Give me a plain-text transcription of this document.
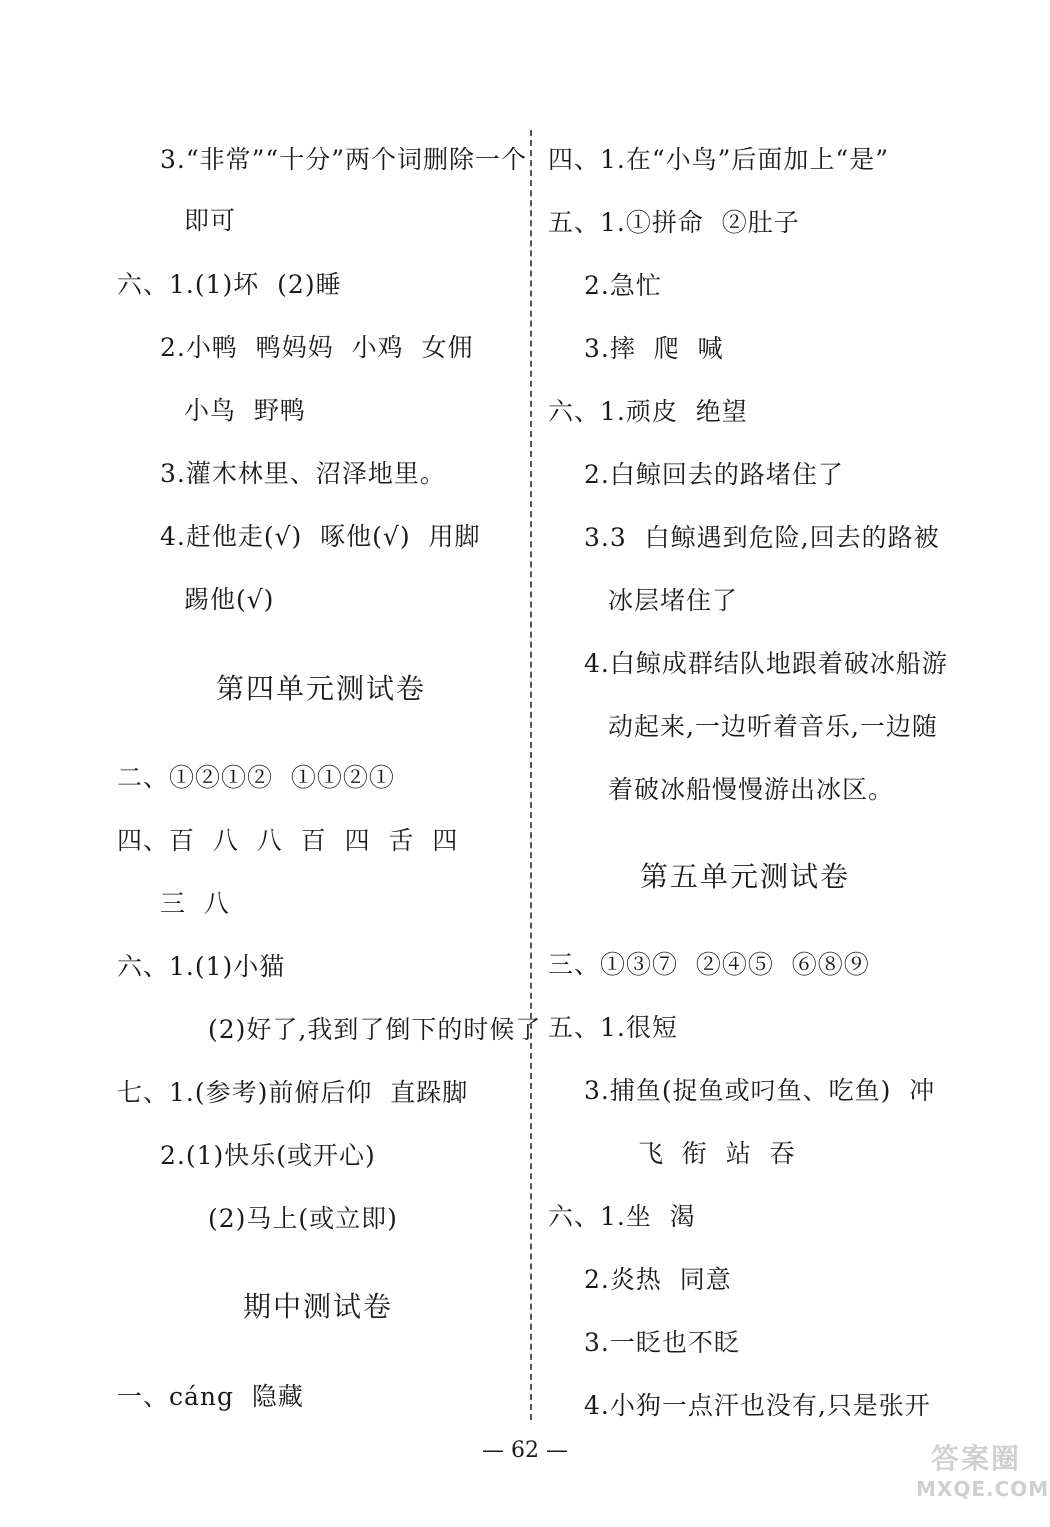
3.“非常”“十分”两个词删除一个
即可
六、1.(1)坏  (2)睡
2.小鸭  鸭妈妈  小鸡  女佣
小鸟  野鸭
3.灌木林里、沼泽地里。
4.赶他走(√)  啄他(√)  用脚
踢他(√)
第四单元测试卷
二、①②①②  ①①②①
四、百  八  八  百  四  舌  四
三  八
六、1.(1)小猫
(2)好了,我到了倒下的时候了
七、1.(参考)前俯后仰  直跺脚
2.(1)快乐(或开心)
(2)马上(或立即)
期中测试卷
一、cáng  隐藏
四、1.在“小鸟”后面加上“是”
五、1.①拼命  ②肚子
2.急忙
3.摔  爬  喊
六、1.顽皮  绝望
2.白鲸回去的路堵住了
3.3  白鲸遇到危险,回去的路被
冰层堵住了
4.白鲸成群结队地跟着破冰船游
动起来,一边听着音乐,一边随
着破冰船慢慢游出冰区。
第五单元测试卷
三、①③⑦  ②④⑤  ⑥⑧⑨
五、1.很短
3.捕鱼(捉鱼或叼鱼、吃鱼)  冲
飞  衔  站  吞
六、1.坐  渴
2.炎热  同意
3.一眨也不眨
4.小狗一点汗也没有,只是张开
— 62 —	答案圈
MXQE.COM
